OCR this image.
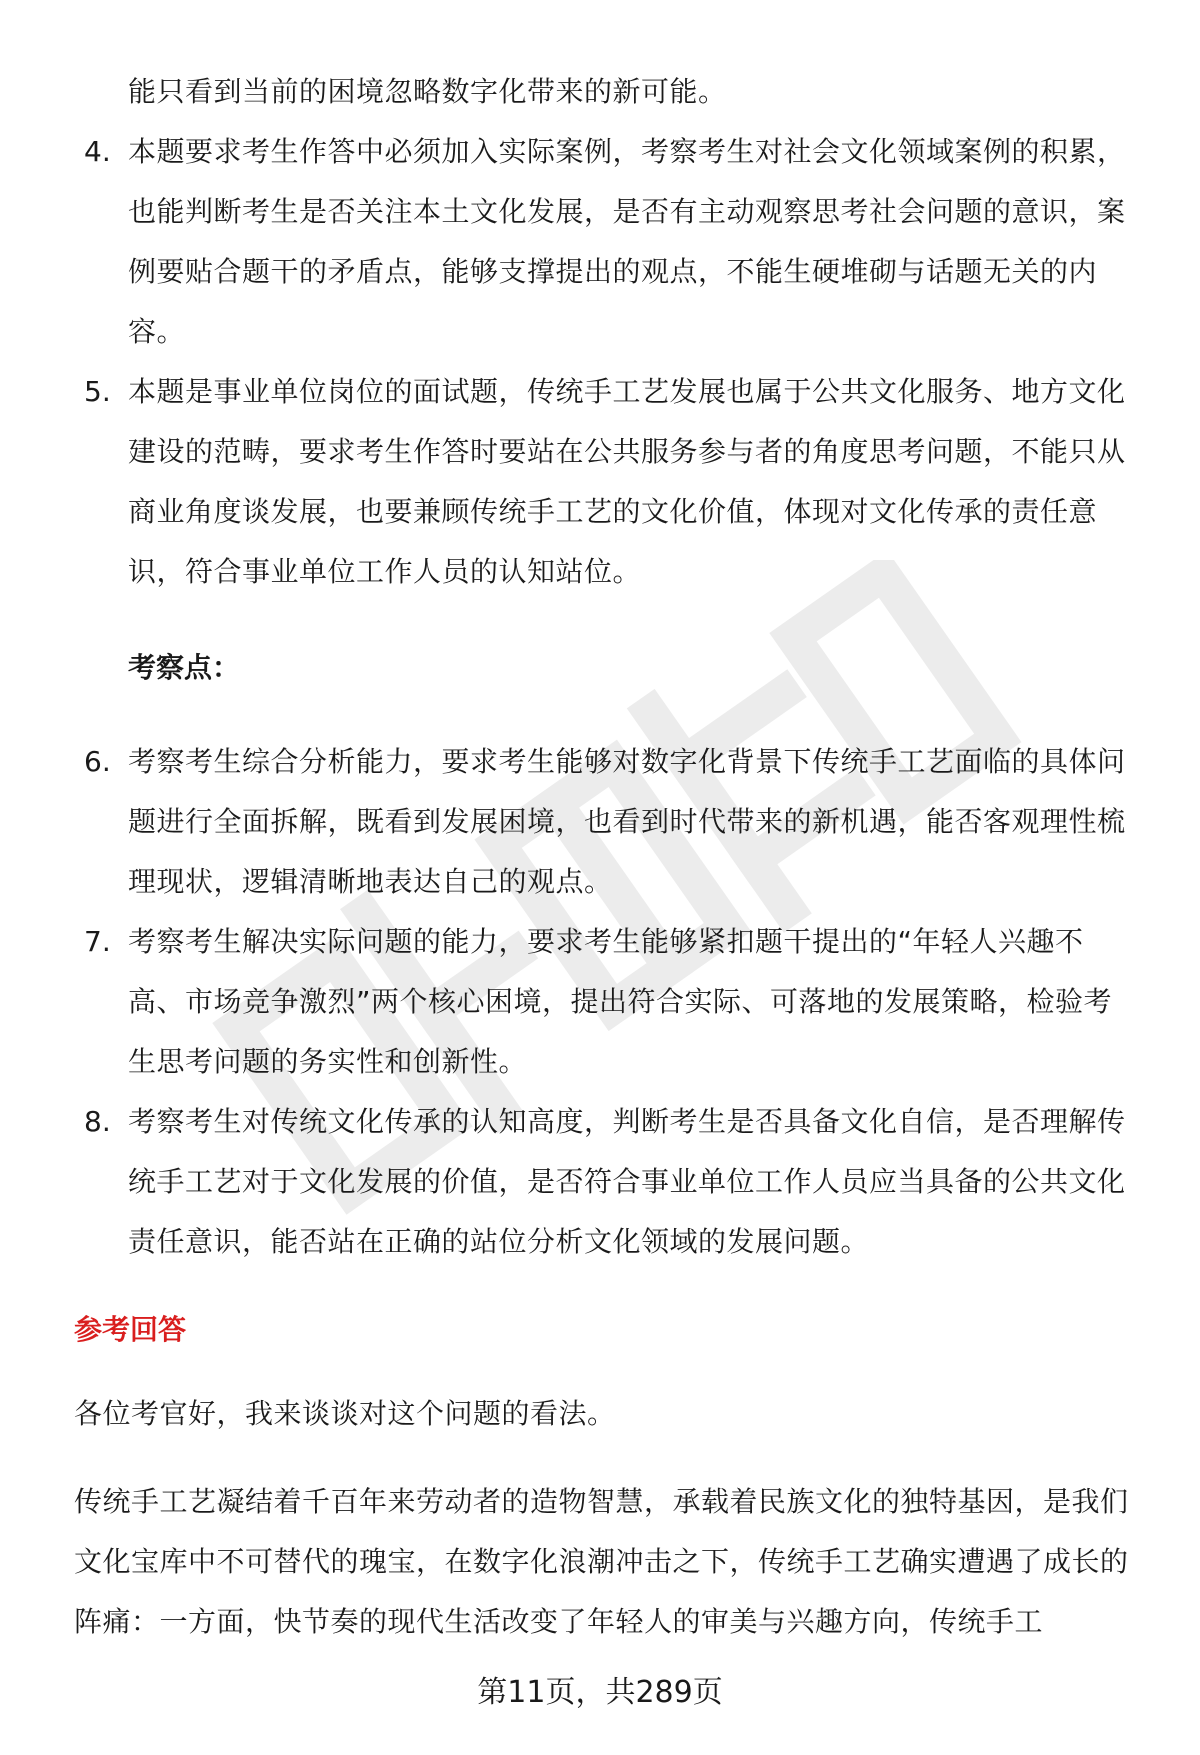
能只看到当前的困境忽略数字化带来的新可能。
4. 本题要求考生作答中必须加入实际案例，考察考生对社会文化领域案例的积累，也能判断考生是否关注本土文化发展，是否有主动观察思考社会问题的意识，案例要贴合题干的矛盾点，能够支撑提出的观点，不能生硬堆砌与话题无关的内容。
5. 本题是事业单位岗位的面试题，传统手工艺发展也属于公共文化服务、地方文化建设的范畴，要求考生作答时要站在公共服务参与者的角度思考问题，不能只从商业角度谈发展，也要兼顾传统手工艺的文化价值，体现对文化传承的责任意识，符合事业单位工作人员的认知站位。
考察点：
6. 考察考生综合分析能力，要求考生能够对数字化背景下传统手工艺面临的具体问题进行全面拆解，既看到发展困境，也看到时代带来的新机遇，能否客观理性梳理现状，逻辑清晰地表达自己的观点。
7. 考察考生解决实际问题的能力，要求考生能够紧扣题干提出的“年轻人兴趣不高、市场竞争激烈”两个核心困境，提出符合实际、可落地的发展策略，检验考生思考问题的务实性和创新性。
8. 考察考生对传统文化传承的认知高度，判断考生是否具备文化自信，是否理解传统手工艺对于文化发展的价值，是否符合事业单位工作人员应当具备的公共文化责任意识，能否站在正确的站位分析文化领域的发展问题。
参考回答

各位考官好，我来谈谈对这个问题的看法。

传统手工艺凝结着千百年来劳动者的造物智慧，承载着民族文化的独特基因，是我们文化宝库中不可替代的瑰宝，在数字化浪潮冲击之下，传统手工艺确实遭遇了成长的阵痛：一方面，快节奏的现代生活改变了年轻人的审美与兴趣方向，传统手工

第11页，共289页
